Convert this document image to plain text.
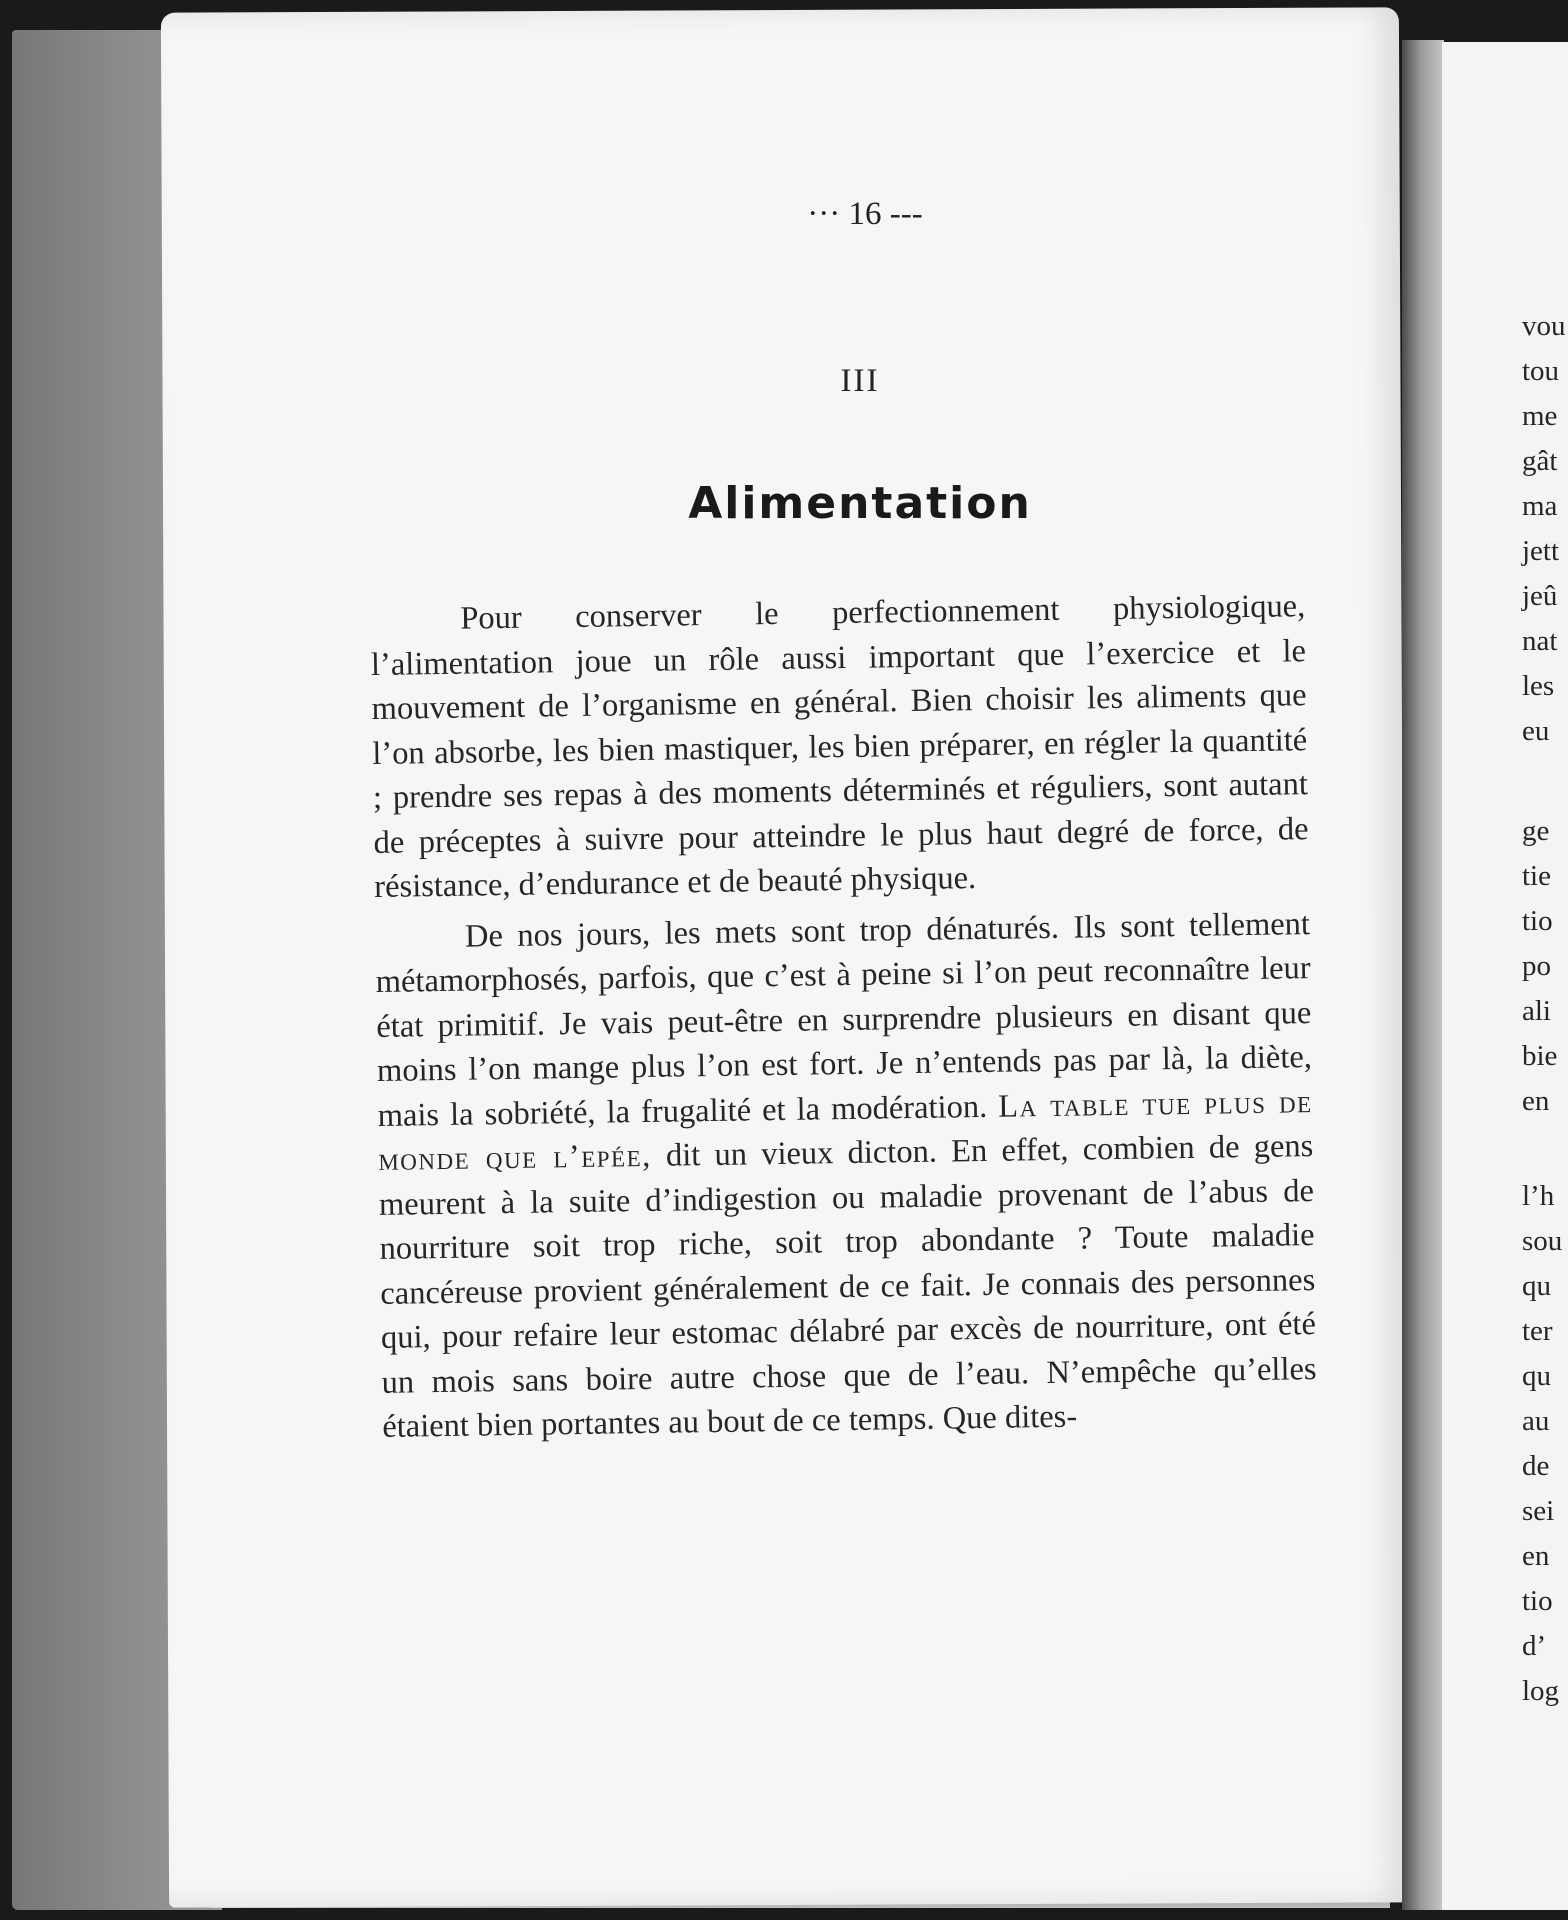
··· 16 ---

III

Alimentation

Pour conserver le perfectionnement physiologique, l’alimentation joue un rôle aussi important que l’exercice et le mouvement de l’organisme en général. Bien choisir les aliments que l’on absorbe, les bien mastiquer, les bien préparer, en régler la quantité ; prendre ses repas à des moments déterminés et réguliers, sont autant de préceptes à suivre pour atteindre le plus haut degré de force, de résistance, d’endurance et de beauté physique.

De nos jours, les mets sont trop dénaturés. Ils sont tellement métamorphosés, parfois, que c’est à peine si l’on peut reconnaître leur état primitif. Je vais peut-être en surprendre plusieurs en disant que moins l’on mange plus l’on est fort. Je n’entends pas par là, la diète, mais la sobriété, la frugalité et la modération. La table tue plus de monde que l’epée, dit un vieux dicton. En effet, combien de gens meurent à la suite d’indigestion ou maladie provenant de l’abus de nourriture soit trop riche, soit trop abondante ? Toute maladie cancéreuse provient généralement de ce fait. Je connais des personnes qui, pour refaire leur estomac délabré par excès de nourriture, ont été un mois sans boire autre chose que de l’eau. N’empêche qu’elles étaient bien portantes au bout de ce temps. Que dites-

vou
tou
me
gât
ma
jett
jeû
nat
les
eu
ge
tie
tio
po
ali
bie
en
l’h
sou
qu
ter
qu
au
de
sei
en
tio
d’
log
